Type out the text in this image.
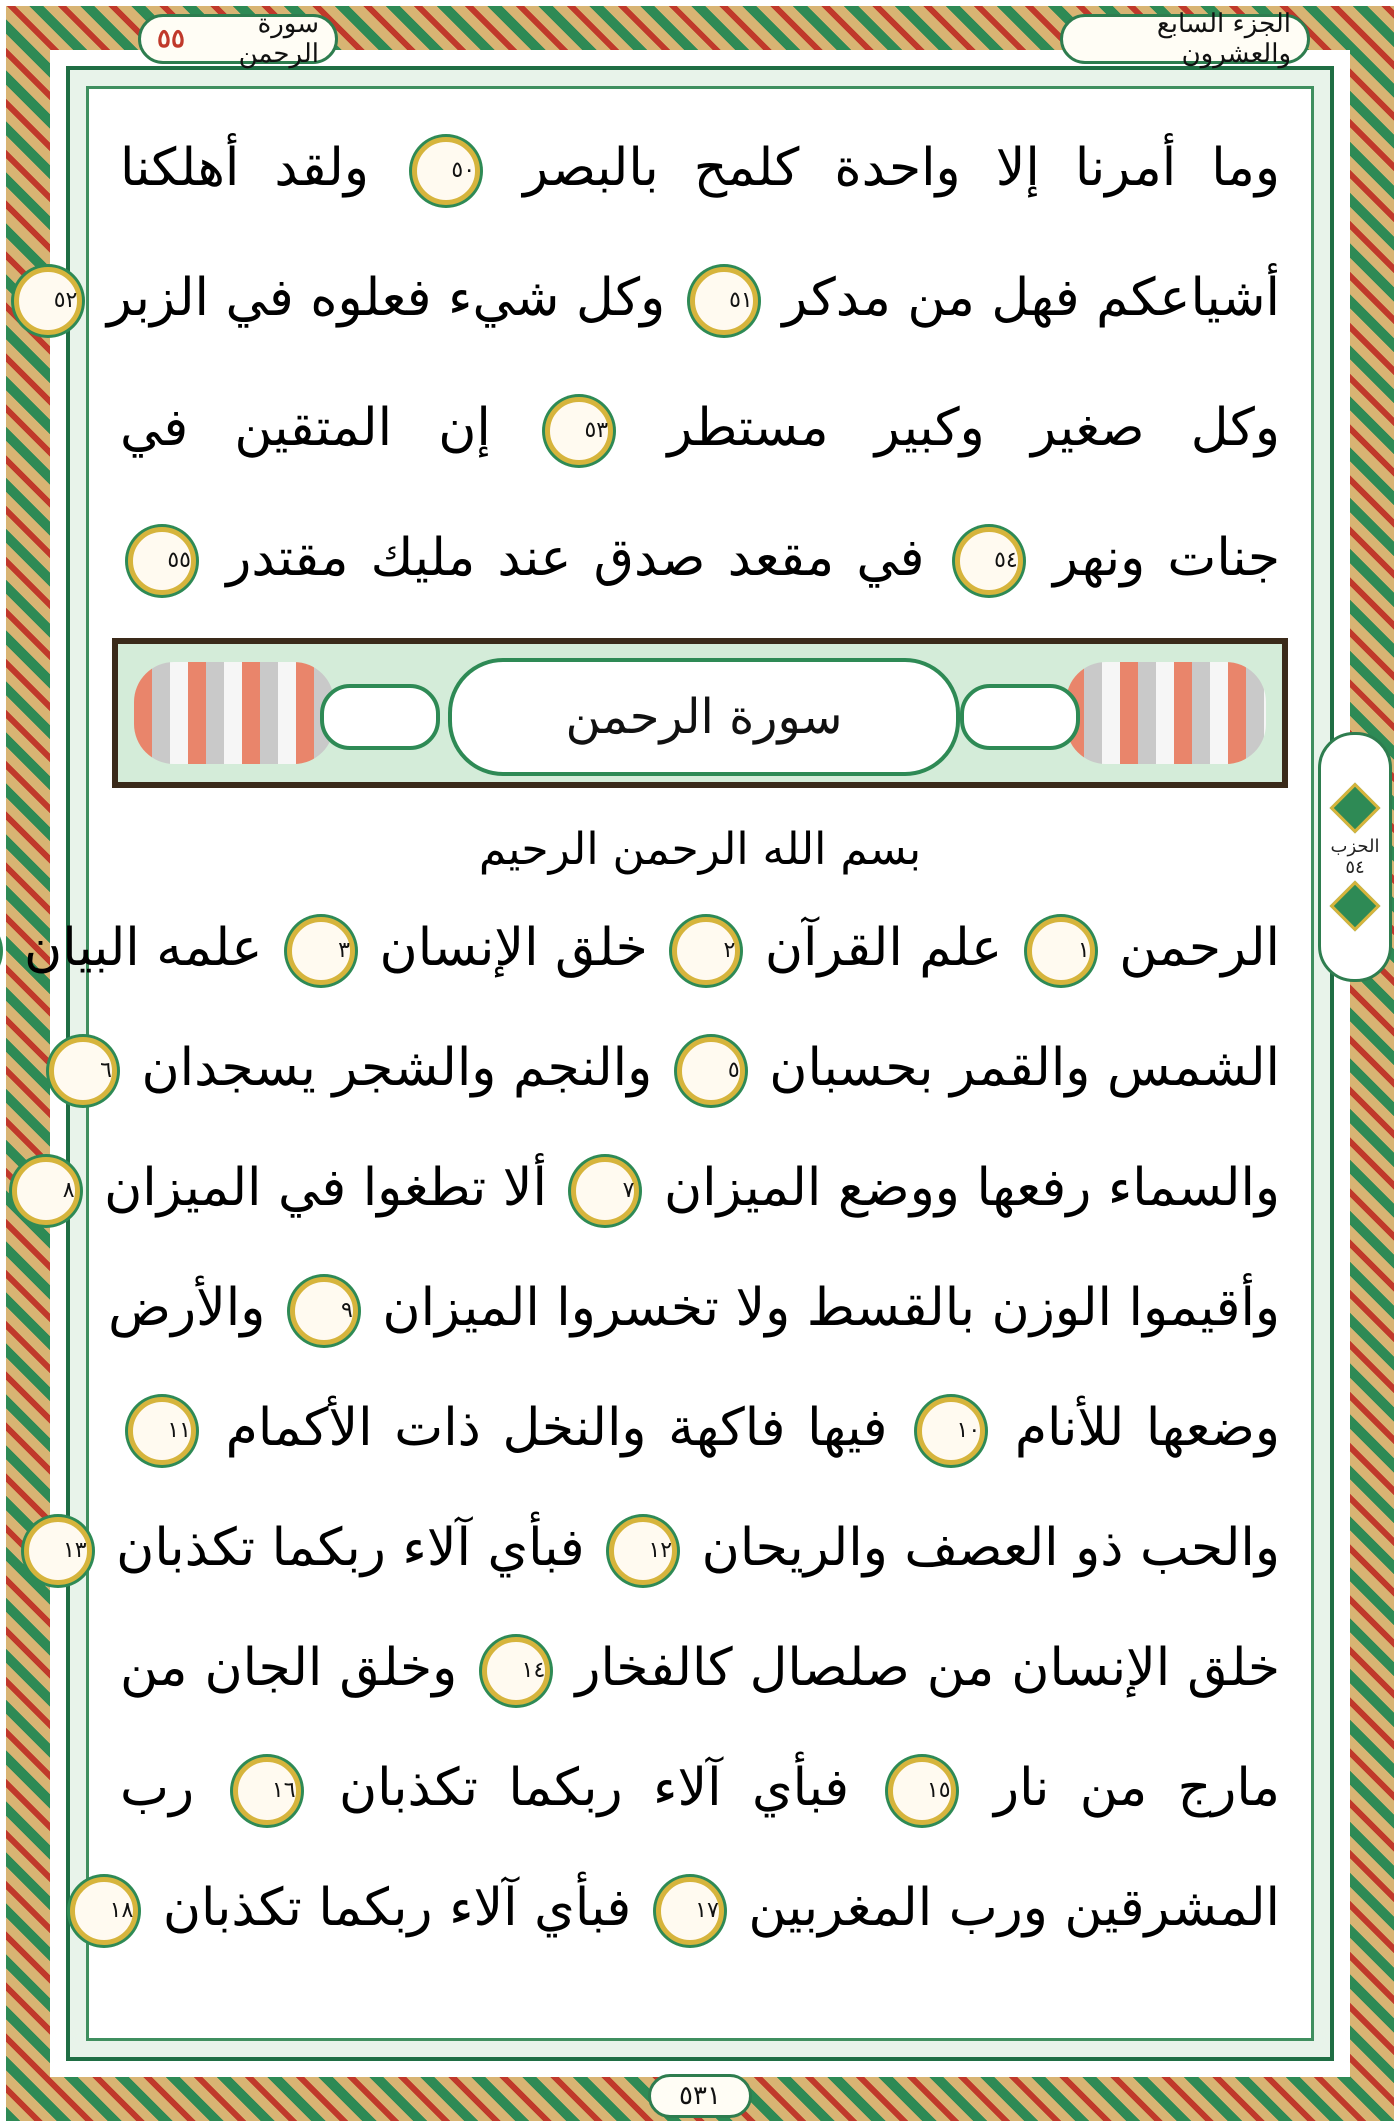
الجزء السابع والعشرون
سورة الرحمن
٥٥
وما أمرنا إلا واحدة كلمح بالبصر ٥٠ ولقد أهلكنا
أشياعكم فهل من مدكر ٥١ وكل شيء فعلوه في الزبر ٥٢
وكل صغير وكبير مستطر ٥٣ إن المتقين في
جنات ونهر ٥٤ في مقعد صدق عند مليك مقتدر ٥٥
سورة الرحمن
بسم الله الرحمن الرحيم
الرحمن ١ علم القرآن ٢ خلق الإنسان ٣ علمه البيان
الشمس والقمر بحسبان ٥ والنجم والشجر يسجدان ٦
والسماء رفعها ووضع الميزان ٧ ألا تطغوا في الميزان ٨
وأقيموا الوزن بالقسط ولا تخسروا الميزان ٩ والأرض
وضعها للأنام ١٠ فيها فاكهة والنخل ذات الأكمام ١١
والحب ذو العصف والريحان ١٢ فبأي آلاء ربكما تكذبان ١٣
خلق الإنسان من صلصال كالفخار ١٤ وخلق الجان من
مارج من نار ١٥ فبأي آلاء ربكما تكذبان ١٦ رب
المشرقين ورب المغربين ١٧ فبأي آلاء ربكما تكذبان ١٨
الحزب
٥٤
٥٣١
